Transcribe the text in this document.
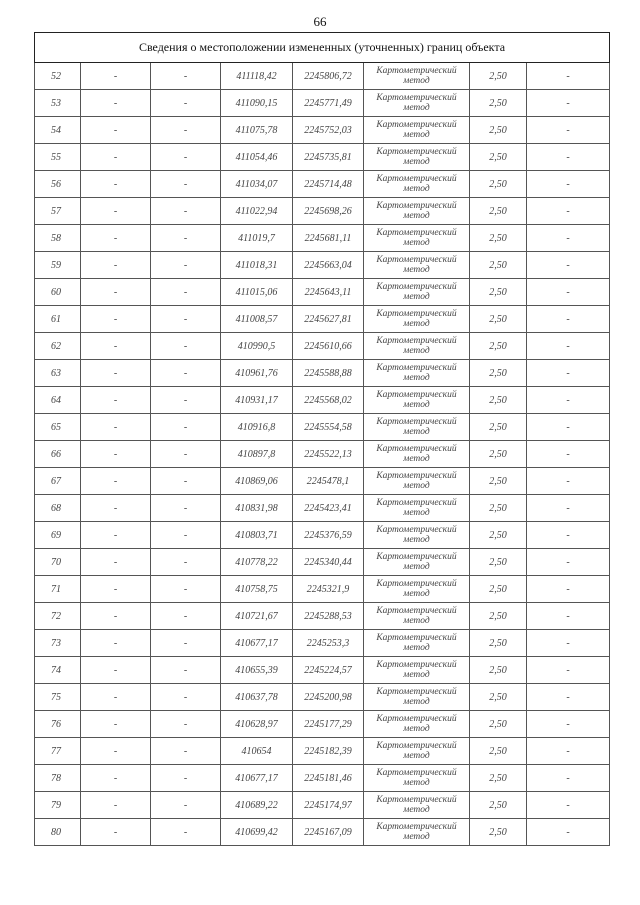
66
Сведения о местоположении измененных (уточненных) границ объекта							
52	-	-	411118,42	2245806,72	Картометрический метод	2,50	-
53	-	-	411090,15	2245771,49	Картометрический метод	2,50	-
54	-	-	411075,78	2245752,03	Картометрический метод	2,50	-
55	-	-	411054,46	2245735,81	Картометрический метод	2,50	-
56	-	-	411034,07	2245714,48	Картометрический метод	2,50	-
57	-	-	411022,94	2245698,26	Картометрический метод	2,50	-
58	-	-	411019,7	2245681,11	Картометрический метод	2,50	-
59	-	-	411018,31	2245663,04	Картометрический метод	2,50	-
60	-	-	411015,06	2245643,11	Картометрический метод	2,50	-
61	-	-	411008,57	2245627,81	Картометрический метод	2,50	-
62	-	-	410990,5	2245610,66	Картометрический метод	2,50	-
63	-	-	410961,76	2245588,88	Картометрический метод	2,50	-
64	-	-	410931,17	2245568,02	Картометрический метод	2,50	-
65	-	-	410916,8	2245554,58	Картометрический метод	2,50	-
66	-	-	410897,8	2245522,13	Картометрический метод	2,50	-
67	-	-	410869,06	2245478,1	Картометрический метод	2,50	-
68	-	-	410831,98	2245423,41	Картометрический метод	2,50	-
69	-	-	410803,71	2245376,59	Картометрический метод	2,50	-
70	-	-	410778,22	2245340,44	Картометрический метод	2,50	-
71	-	-	410758,75	2245321,9	Картометрический метод	2,50	-
72	-	-	410721,67	2245288,53	Картометрический метод	2,50	-
73	-	-	410677,17	2245253,3	Картометрический метод	2,50	-
74	-	-	410655,39	2245224,57	Картометрический метод	2,50	-
75	-	-	410637,78	2245200,98	Картометрический метод	2,50	-
76	-	-	410628,97	2245177,29	Картометрический метод	2,50	-
77	-	-	410654	2245182,39	Картометрический метод	2,50	-
78	-	-	410677,17	2245181,46	Картометрический метод	2,50	-
79	-	-	410689,22	2245174,97	Картометрический метод	2,50	-
80	-	-	410699,42	2245167,09	Картометрический метод	2,50	-
